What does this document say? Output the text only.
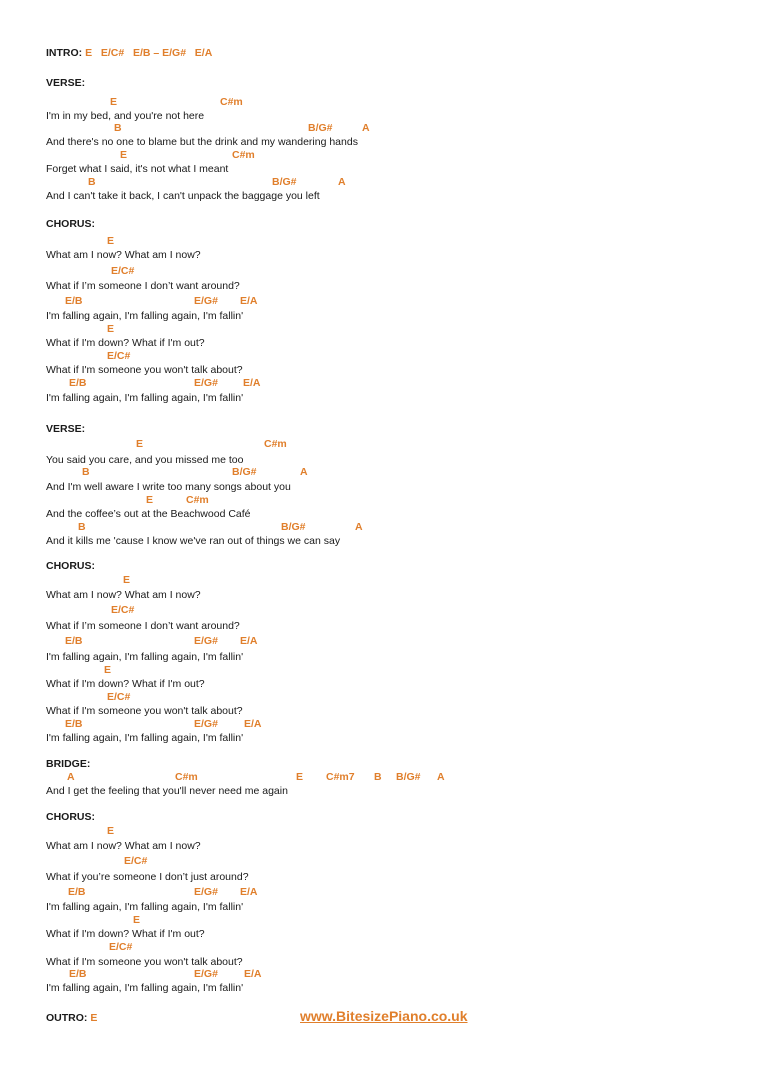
INTRO: E   E/C#   E/B – E/G#   E/A
OUTRO: E	www.BitesizePiano.co.uk
VERSE:
E	C#m
I'm in my bed, and you're not here
B	B/G#	A
And there's no one to blame but the drink and my wandering hands
E	C#m
Forget what I said, it's not what I meant
B	B/G#	A
And I can't take it back, I can't unpack the baggage you left
CHORUS:
E
What am I now? What am I now?
E/C#
What if I’m someone I don’t want around?
E/B	E/G# E/A
I'm falling again, I'm falling again, I'm fallin'
E
What if I'm down? What if I'm out?
E/C#
What if I'm someone you won't talk about?
E/B	E/G# E/A
I'm falling again, I'm falling again, I'm fallin'
VERSE:
E	C#m
You said you care, and you missed me too
B	B/G#	A
And I'm well aware I write too many songs about you
E	C#m
And the coffee’s out at the Beachwood Café
B	B/G#	A
And it kills me 'cause I know we've ran out of things we can say
CHORUS:
E
What am I now? What am I now?
E/C#
What if I’m someone I don’t want around?
E/B	E/G# E/A
I'm falling again, I'm falling again, I'm fallin'
E
What if I'm down? What if I'm out?
E/C#
What if I'm someone you won't talk about?
E/B	E/G# E/A
I'm falling again, I'm falling again, I'm fallin'
BRIDGE:
A	C#m	E C#m7 B B/G# A
And I get the feeling that you'll never need me again
CHORUS:
E
What am I now? What am I now?
E/C#
What if you’re someone I don’t just around?
E/B	E/G# E/A
I'm falling again, I'm falling again, I'm fallin'
E
What if I'm down? What if I'm out?
E/C#
What if I'm someone you won't talk about?
E/B	E/G# E/A
I'm falling again, I'm falling again, I'm fallin'
